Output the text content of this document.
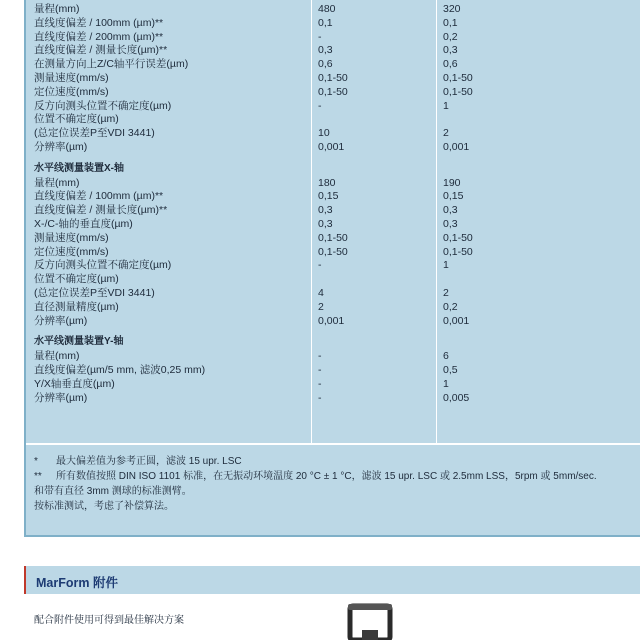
量程(mm)	480	320
直线度偏差 / 100mm (µm)**	0,1	0,1
直线度偏差 / 200mm (µm)**	-	0,2
直线度偏差 / 测量长度(µm)**	0,3	0,3
在测量方向上Z/C轴平行误差(µm)	0,6	0,6
测量速度(mm/s)	0,1-50	0,1-50
定位速度(mm/s)	0,1-50	0,1-50
反方向测头位置不确定度(µm)	-	1
位置不确定度(µm)
(总定位误差P至VDI 3441)	10	2
分辨率(µm)	0,001	0,001
水平线测量装置X-轴
量程(mm)	180	190
直线度偏差 / 100mm (µm)**	0,15	0,15
直线度偏差 / 测量长度(µm)**	0,3	0,3
X-/C-轴的垂直度(µm)	0,3	0,3
测量速度(mm/s)	0,1-50	0,1-50
定位速度(mm/s)	0,1-50	0,1-50
反方向测头位置不确定度(µm)	-	1
位置不确定度(µm)
(总定位误差P至VDI 3441)	4	2
直径测量精度(µm)	2	0,2
分辨率(µm)	0,001	0,001
水平线测量装置Y-轴
量程(mm)	-	6
直线度偏差(µm/5 mm, 滤波0,25 mm)	-	0,5
Y/X轴垂直度(µm)	-	1
分辨率(µm)	-	0,005
* 最大偏差值为参考正圆，滤波 15 upr. LSC
** 所有数值按照 DIN ISO 1101 标准，在无振动环境温度 20 °C ± 1 °C，滤波 15 upr. LSC 或 2.5mm LSS，5rpm 或 5mm/sec.
和带有直径 3mm 测球的标准测臂。
按标准测试，考虑了补偿算法。
MarForm 附件
配合附件使用可得到最佳解决方案
